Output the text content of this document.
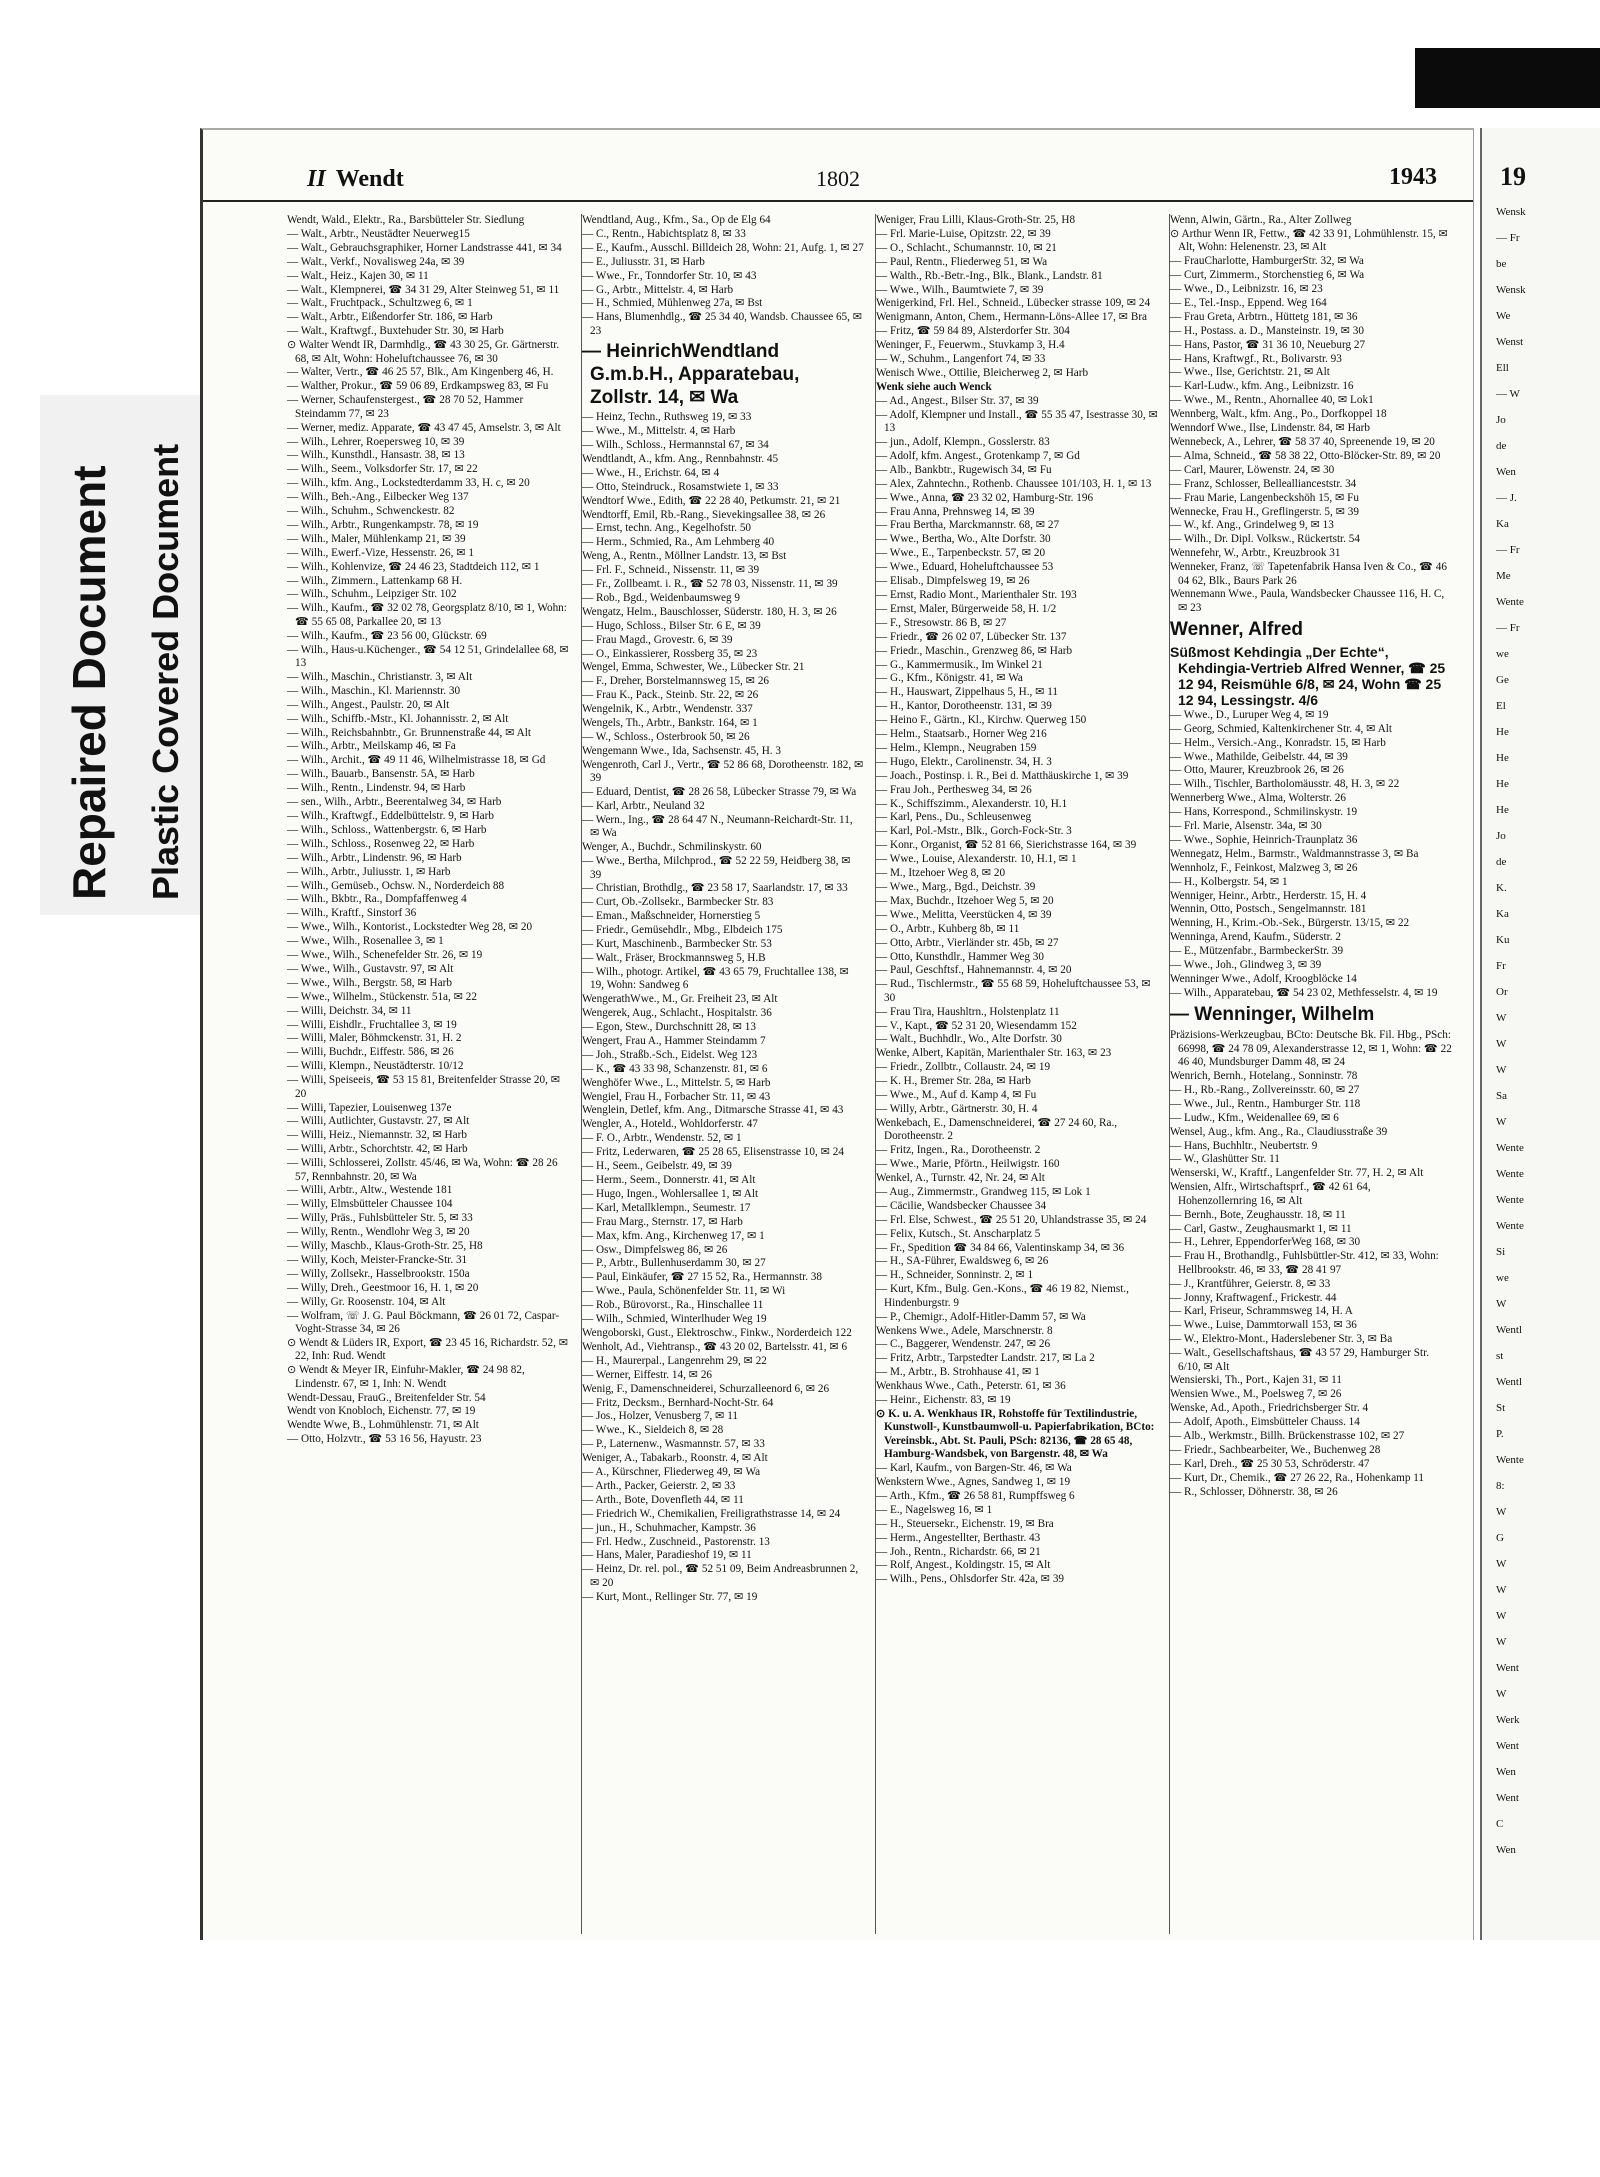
Repaired Document Plastic Covered Document
II Wendt	1802	1943
Wendt, Wald., Elektr., Ra., Barsbütteler Str. Siedlung
— Walt., Arbtr., Neustädter Neuerweg15
— Walt., Gebrauchsgraphiker, Horner Landstrasse 441, ✉ 34
— Walt., Verkf., Novalisweg 24a, ✉ 39
— Walt., Heiz., Kajen 30, ✉ 11
— Walt., Klempnerei, ☎ 34 31 29, Alter Steinweg 51, ✉ 11
— Walt., Fruchtpack., Schultzweg 6, ✉ 1
— Walt., Arbtr., Eißendorfer Str. 186, ✉ Harb
— Walt., Kraftwgf., Buxtehuder Str. 30, ✉ Harb
⊙ Walter Wendt IR, Darmhdlg., ☎ 43 30 25, Gr. Gärtnerstr. 68, ✉ Alt, Wohn: Hoheluftchaussee 76, ✉ 30
— Walter, Vertr., ☎ 46 25 57, Blk., Am Kingenberg 46, H.
— Walther, Prokur., ☎ 59 06 89, Erdkampsweg 83, ✉ Fu
— Werner, Schaufenstergest., ☎ 28 70 52, Hammer Steindamm 77, ✉ 23
— Werner, mediz. Apparate, ☎ 43 47 45, Amselstr. 3, ✉ Alt
— Wilh., Lehrer, Roepersweg 10, ✉ 39
— Wilh., Kunsthdl., Hansastr. 38, ✉ 13
— Wilh., Seem., Volksdorfer Str. 17, ✉ 22
— Wilh., kfm. Ang., Lockstedterdamm 33, H. c, ✉ 20
— Wilh., Beh.-Ang., Eilbecker Weg 137
— Wilh., Schuhm., Schwenckestr. 82
— Wilh., Arbtr., Rungenkampstr. 78, ✉ 19
— Wilh., Maler, Mühlenkamp 21, ✉ 39
— Wilh., Ewerf.-Vize, Hessenstr. 26, ✉ 1
— Wilh., Kohlenvize, ☎ 24 46 23, Stadtdeich 112, ✉ 1
— Wilh., Zimmern., Lattenkamp 68 H.
— Wilh., Schuhm., Leipziger Str. 102
— Wilh., Kaufm., ☎ 32 02 78, Georgsplatz 8/10, ✉ 1, Wohn: ☎ 55 65 08, Parkallee 20, ✉ 13
— Wilh., Kaufm., ☎ 23 56 00, Glückstr. 69
— Wilh., Haus-u.Küchenger., ☎ 54 12 51, Grindelallee 68, ✉ 13
— Wilh., Maschin., Christianstr. 3, ✉ Alt
— Wilh., Maschin., Kl. Mariennstr. 30
— Wilh., Angest., Paulstr. 20, ✉ Alt
— Wilh., Schiffb.-Mstr., Kl. Johannisstr. 2, ✉ Alt
— Wilh., Reichsbahnbtr., Gr. Brunnenstraße 44, ✉ Alt
— Wilh., Arbtr., Meilskamp 46, ✉ Fa
— Wilh., Archit., ☎ 49 11 46, Wilhelmistrasse 18, ✉ Gd
— Wilh., Bauarb., Bansenstr. 5A, ✉ Harb
— Wilh., Rentn., Lindenstr. 94, ✉ Harb
— sen., Wilh., Arbtr., Beerentalweg 34, ✉ Harb
— Wilh., Kraftwgf., Eddelbüttelstr. 9, ✉ Harb
— Wilh., Schloss., Wattenbergstr. 6, ✉ Harb
— Wilh., Schloss., Rosenweg 22, ✉ Harb
— Wilh., Arbtr., Lindenstr. 96, ✉ Harb
— Wilh., Arbtr., Juliusstr. 1, ✉ Harb
— Wilh., Gemüseb., Ochsw. N., Norderdeich 88
— Wilh., Bkbtr., Ra., Dompfaffenweg 4
— Wilh., Kraftf., Sinstorf 36
— Wwe., Wilh., Kontorist., Lockstedter Weg 28, ✉ 20
— Wwe., Wilh., Rosenallee 3, ✉ 1
— Wwe., Wilh., Schenefelder Str. 26, ✉ 19
— Wwe., Wilh., Gustavstr. 97, ✉ Alt
— Wwe., Wilh., Bergstr. 58, ✉ Harb
— Wwe., Wilhelm., Stückenstr. 51a, ✉ 22
— Willi, Deichstr. 34, ✉ 11
— Willi, Eishdlr., Fruchtallee 3, ✉ 19
— Willi, Maler, Böhmckenstr. 31, H. 2
— Willi, Buchdr., Eiffestr. 586, ✉ 26
— Willi, Klempn., Neustädterstr. 10/12
— Willi, Speiseeis, ☎ 53 15 81, Breitenfelder Strasse 20, ✉ 20
— Willi, Tapezier, Louisenweg 137e
— Willi, Autlichter, Gustavstr. 27, ✉ Alt
— Willi, Heiz., Niemannstr. 32, ✉ Harb
— Willi, Arbtr., Schorchtstr. 42, ✉ Harb
— Willi, Schlosserei, Zollstr. 45/46, ✉ Wa, Wohn: ☎ 28 26 57, Rennbahnstr. 20, ✉ Wa
— Willi, Arbtr., Altw., Westende 181
— Willy, Elmsbütteler Chaussee 104
— Willy, Präs., Fuhlsbütteler Str. 5, ✉ 33
— Willy, Rentn., Wendlohr Weg 3, ✉ 20
— Willy, Maschb., Klaus-Groth-Str. 25, H8
— Willy, Koch, Meister-Francke-Str. 31
— Willy, Zollsekr., Hasselbrookstr. 150a
— Willy, Dreh., Geestmoor 16, H. 1, ✉ 20
— Willy, Gr. Roosenstr. 104, ✉ Alt
— Wolfram, ☏ J. G. Paul Böckmann, ☎ 26 01 72, Caspar-Voght-Strasse 34, ✉ 26
⊙ Wendt & Lüders IR, Export, ☎ 23 45 16, Richardstr. 52, ✉ 22, Inh: Rud. Wendt
⊙ Wendt & Meyer IR, Einfuhr-Makler, ☎ 24 98 82, Lindenstr. 67, ✉ 1, Inh: N. Wendt
Wendt-Dessau, FrauG., Breitenfelder Str. 54
Wendt von Knobloch, Eichenstr. 77, ✉ 19
Wendte Wwe, B., Lohmühlenstr. 71, ✉ Alt
— Otto, Holzvtr., ☎ 53 16 56, Hayustr. 23
Wendtland, Aug., Kfm., Sa., Op de Elg 64
— C., Rentn., Habichtsplatz 8, ✉ 33
— E., Kaufm., Ausschl. Billdeich 28, Wohn: 21, Aufg. 1, ✉ 27
— E., Juliusstr. 31, ✉ Harb
— Wwe., Fr., Tonndorfer Str. 10, ✉ 43
— G., Arbtr., Mittelstr. 4, ✉ Harb
— H., Schmied, Mühlenweg 27a, ✉ Bst
— Hans, Blumenhdlg., ☎ 25 34 40, Wandsb. Chaussee 65, ✉ 23
— HeinrichWendtland G.m.b.H., Apparatebau, Zollstr. 14, ✉ Wa
— Heinz, Techn., Ruthsweg 19, ✉ 33
— Wwe., M., Mittelstr. 4, ✉ Harb
— Wilh., Schloss., Hermannstal 67, ✉ 34
Wendtlandt, A., kfm. Ang., Rennbahnstr. 45
— Wwe., H., Erichstr. 64, ✉ 4
— Otto, Steindruck., Rosamstwiete 1, ✉ 33
Wendtorf Wwe., Edith, ☎ 22 28 40, Petkumstr. 21, ✉ 21
Wendtorff, Emil, Rb.-Rang., Sievekingsallee 38, ✉ 26
— Ernst, techn. Ang., Kegelhofstr. 50
— Herm., Schmied, Ra., Am Lehmberg 40
Weng, A., Rentn., Möllner Landstr. 13, ✉ Bst
— Frl. F., Schneid., Nissenstr. 11, ✉ 39
— Fr., Zollbeamt. i. R., ☎ 52 78 03, Nissenstr. 11, ✉ 39
— Rob., Bgd., Weidenbaumsweg 9
Wengatz, Helm., Bauschlosser, Süderstr. 180, H. 3, ✉ 26
— Hugo, Schloss., Bilser Str. 6 E, ✉ 39
— Frau Magd., Grovestr. 6, ✉ 39
— O., Einkassierer, Rossberg 35, ✉ 23
Wengel, Emma, Schwester, We., Lübecker Str. 21
— F., Dreher, Borstelmannsweg 15, ✉ 26
— Frau K., Pack., Steinb. Str. 22, ✉ 26
Wengelnik, K., Arbtr., Wendenstr. 337
Wengels, Th., Arbtr., Bankstr. 164, ✉ 1
— W., Schloss., Osterbrook 50, ✉ 26
Wengemann Wwe., Ida, Sachsenstr. 45, H. 3
Wengenroth, Carl J., Vertr., ☎ 52 86 68, Dorotheenstr. 182, ✉ 39
— Eduard, Dentist, ☎ 28 26 58, Lübecker Strasse 79, ✉ Wa
— Karl, Arbtr., Neuland 32
— Wern., Ing., ☎ 28 64 47 N., Neumann-Reichardt-Str. 11, ✉ Wa
Wenger, A., Buchdr., Schmilinskystr. 60
— Wwe., Bertha, Milchprod., ☎ 52 22 59, Heidberg 38, ✉ 39
— Christian, Brothdlg., ☎ 23 58 17, Saarlandstr. 17, ✉ 33
— Curt, Ob.-Zollsekr., Barmbecker Str. 83
— Eman., Maßschneider, Hornerstieg 5
— Friedr., Gemüsehdlr., Mbg., Elbdeich 175
— Kurt, Maschinenb., Barmbecker Str. 53
— Walt., Fräser, Brockmannsweg 5, H.B
— Wilh., photogr. Artikel, ☎ 43 65 79, Fruchtallee 138, ✉ 19, Wohn: Sandweg 6
WengerathWwe., M., Gr. Freiheit 23, ✉ Alt
Wengerek, Aug., Schlacht., Hospitalstr. 36
— Egon, Stew., Durchschnitt 28, ✉ 13
Wengert, Frau A., Hammer Steindamm 7
— Joh., Straßb.-Sch., Eidelst. Weg 123
— K., ☎ 43 33 98, Schanzenstr. 81, ✉ 6
Wenghöfer Wwe., L., Mittelstr. 5, ✉ Harb
Wengiel, Frau H., Forbacher Str. 11, ✉ 43
Wenglein, Detlef, kfm. Ang., Ditmarsche Strasse 41, ✉ 43
Wengler, A., Hoteld., Wohldorferstr. 47
— F. O., Arbtr., Wendenstr. 52, ✉ 1
— Fritz, Lederwaren, ☎ 25 28 65, Elisenstrasse 10, ✉ 24
— H., Seem., Geibelstr. 49, ✉ 39
— Herm., Seem., Donnerstr. 41, ✉ Alt
— Hugo, Ingen., Wohlersallee 1, ✉ Alt
— Karl, Metallklempn., Seumestr. 17
— Frau Marg., Sternstr. 17, ✉ Harb
— Max, kfm. Ang., Kirchenweg 17, ✉ 1
— Osw., Dimpfelsweg 86, ✉ 26
— P., Arbtr., Bullenhuserdamm 30, ✉ 27
— Paul, Einkäufer, ☎ 27 15 52, Ra., Hermannstr. 38
— Wwe., Paula, Schönenfelder Str. 11, ✉ Wi
— Rob., Bürovorst., Ra., Hinschallee 11
— Wilh., Schmied, Winterlhuder Weg 19
Wengoborski, Gust., Elektroschw., Finkw., Norderdeich 122
Wenholt, Ad., Viehtransp., ☎ 43 20 02, Bartelsstr. 41, ✉ 6
— H., Maurerpal., Langenrehm 29, ✉ 22
— Werner, Eiffestr. 14, ✉ 26
Wenig, F., Damenschneiderei, Schurzalleenord 6, ✉ 26
— Fritz, Decksm., Bernhard-Nocht-Str. 64
— Jos., Holzer, Venusberg 7, ✉ 11
— Wwe., K., Sieldeich 8, ✉ 28
— P., Laternenw., Wasmannstr. 57, ✉ 33
Weniger, A., Tabakarb., Roonstr. 4, ✉ Alt
— A., Kürschner, Fliederweg 49, ✉ Wa
— Arth., Packer, Geierstr. 2, ✉ 33
— Arth., Bote, Dovenfleth 44, ✉ 11
— Friedrich W., Chemikalien, Freiligrathstrasse 14, ✉ 24
— jun., H., Schuhmacher, Kampstr. 36
— Frl. Hedw., Zuschneid., Pastorenstr. 13
— Hans, Maler, Paradieshof 19, ✉ 11
— Heinz, Dr. rel. pol., ☎ 52 51 09, Beim Andreasbrunnen 2, ✉ 20
— Kurt, Mont., Rellinger Str. 77, ✉ 19
Weniger, Frau Lilli, Klaus-Groth-Str. 25, H8
— Frl. Marie-Luise, Opitzstr. 22, ✉ 39
— O., Schlacht., Schumannstr. 10, ✉ 21
— Paul, Rentn., Fliederweg 51, ✉ Wa
— Walth., Rb.-Betr.-Ing., Blk., Blank., Landstr. 81
— Wwe., Wilh., Baumtwiete 7, ✉ 39
Wenigerkind, Frl. Hel., Schneid., Lübecker strasse 109, ✉ 24
Wenigmann, Anton, Chem., Hermann-Löns-Allee 17, ✉ Bra
— Fritz, ☎ 59 84 89, Alsterdorfer Str. 304
Weninger, F., Feuerwm., Stuvkamp 3, H.4
— W., Schuhm., Langenfort 74, ✉ 33
Wenisch Wwe., Ottilie, Bleicherweg 2, ✉ Harb
Wenk siehe auch Wenck
— Ad., Angest., Bilser Str. 37, ✉ 39
— Adolf, Klempner und Install., ☎ 55 35 47, Isestrasse 30, ✉ 13
— jun., Adolf, Klempn., Gosslerstr. 83
— Adolf, kfm. Angest., Grotenkamp 7, ✉ Gd
— Alb., Bankbtr., Rugewisch 34, ✉ Fu
— Alex, Zahntechn., Rothenb. Chaussee 101/103, H. 1, ✉ 13
— Wwe., Anna, ☎ 23 32 02, Hamburg-Str. 196
— Frau Anna, Prehnsweg 14, ✉ 39
— Frau Bertha, Marckmannstr. 68, ✉ 27
— Wwe., Bertha, Wo., Alte Dorfstr. 30
— Wwe., E., Tarpenbeckstr. 57, ✉ 20
— Wwe., Eduard, Hoheluftchaussee 53
— Elisab., Dimpfelsweg 19, ✉ 26
— Ernst, Radio Mont., Marienthaler Str. 193
— Ernst, Maler, Bürgerweide 58, H. 1/2
— F., Stresowstr. 86 B, ✉ 27
— Friedr., ☎ 26 02 07, Lübecker Str. 137
— Friedr., Maschin., Grenzweg 86, ✉ Harb
— G., Kammermusik., Im Winkel 21
— G., Kfm., Königstr. 41, ✉ Wa
— H., Hauswart, Zippelhaus 5, H., ✉ 11
— H., Kantor, Dorotheenstr. 131, ✉ 39
— Heino F., Gärtn., Kl., Kirchw. Querweg 150
— Helm., Staatsarb., Horner Weg 216
— Helm., Klempn., Neugraben 159
— Hugo, Elektr., Carolinenstr. 34, H. 3
— Joach., Postinsp. i. R., Bei d. Matthäuskirche 1, ✉ 39
— Frau Joh., Perthesweg 34, ✉ 26
— K., Schiffszimm., Alexanderstr. 10, H.1
— Karl, Pens., Du., Schleusenweg
— Karl, Pol.-Mstr., Blk., Gorch-Fock-Str. 3
— Konr., Organist, ☎ 52 81 66, Sierichstrasse 164, ✉ 39
— Wwe., Louise, Alexanderstr. 10, H.1, ✉ 1
— M., Itzehoer Weg 8, ✉ 20
— Wwe., Marg., Bgd., Deichstr. 39
— Max, Buchdr., Itzehoer Weg 5, ✉ 20
— Wwe., Melitta, Veerstücken 4, ✉ 39
— O., Arbtr., Kuhberg 8b, ✉ 11
— Otto, Arbtr., Vierländer str. 45b, ✉ 27
— Otto, Kunsthdlr., Hammer Weg 30
— Paul, Geschftsf., Hahnemannstr. 4, ✉ 20
— Rud., Tischlermstr., ☎ 55 68 59, Hoheluftchaussee 53, ✉ 30
— Frau Tira, Haushltrn., Holstenplatz 11
— V., Kapt., ☎ 52 31 20, Wiesendamm 152
— Walt., Buchhdlr., Wo., Alte Dorfstr. 30
Wenke, Albert, Kapitän, Marienthaler Str. 163, ✉ 23
— Friedr., Zollbtr., Collaustr. 24, ✉ 19
— K. H., Bremer Str. 28a, ✉ Harb
— Wwe., M., Auf d. Kamp 4, ✉ Fu
— Willy, Arbtr., Gärtnerstr. 30, H. 4
Wenkebach, E., Damenschneiderei, ☎ 27 24 60, Ra., Dorotheenstr. 2
— Fritz, Ingen., Ra., Dorotheenstr. 2
— Wwe., Marie, Pförtn., Heilwigstr. 160
Wenkel, A., Turnstr. 42, Nr. 24, ✉ Alt
— Aug., Zimmermstr., Grandweg 115, ✉ Lok 1
— Cäcilie, Wandsbecker Chaussee 34
— Frl. Else, Schwest., ☎ 25 51 20, Uhlandstrasse 35, ✉ 24
— Felix, Kutsch., St. Anscharplatz 5
— Fr., Spedition ☎ 34 84 66, Valentinskamp 34, ✉ 36
— H., SA-Führer, Ewaldsweg 6, ✉ 26
— H., Schneider, Sonninstr. 2, ✉ 1
— Kurt, Kfm., Bulg. Gen.-Kons., ☎ 46 19 82, Niemst., Hindenburgstr. 9
— P., Chemigr., Adolf-Hitler-Damm 57, ✉ Wa
Wenkens Wwe., Adele, Marschnerstr. 8
— C., Baggerer, Wendenstr. 247, ✉ 26
— Fritz, Arbtr., Tarpstedter Landstr. 217, ✉ La 2
— M., Arbtr., B. Strohhause 41, ✉ 1
Wenkhaus Wwe., Cath., Peterstr. 61, ✉ 36
— Heinr., Eichenstr. 83, ✉ 19
⊙ K. u. A. Wenkhaus IR, Rohstoffe für Textilindustrie, Kunstwoll-, Kunstbaumwoll-u. Papierfabrikation, BCto: Vereinsbk., Abt. St. Pauli, PSch: 82136, ☎ 28 65 48, Hamburg-Wandsbek, von Bargenstr. 48, ✉ Wa
— Karl, Kaufm., von Bargen-Str. 46, ✉ Wa
Wenkstern Wwe., Agnes, Sandweg 1, ✉ 19
— Arth., Kfm., ☎ 26 58 81, Rumpffsweg 6
— E., Nagelsweg 16, ✉ 1
— H., Steuersekr., Eichenstr. 19, ✉ Bra
— Herm., Angestellter, Berthastr. 43
— Joh., Rentn., Richardstr. 66, ✉ 21
— Rolf, Angest., Koldingstr. 15, ✉ Alt
— Wilh., Pens., Ohlsdorfer Str. 42a, ✉ 39
Wenn, Alwin, Gärtn., Ra., Alter Zollweg
⊙ Arthur Wenn IR, Fettw., ☎ 42 33 91, Lohmühlenstr. 15, ✉ Alt, Wohn: Helenenstr. 23, ✉ Alt
— FrauCharlotte, HamburgerStr. 32, ✉ Wa
— Curt, Zimmerm., Storchenstieg 6, ✉ Wa
— Wwe., D., Leibnizstr. 16, ✉ 23
— E., Tel.-Insp., Eppend. Weg 164
— Frau Greta, Arbtrn., Hüttetg 181, ✉ 36
— H., Postass. a. D., Mansteinstr. 19, ✉ 30
— Hans, Pastor, ☎ 31 36 10, Neueburg 27
— Hans, Kraftwgf., Rt., Bolivarstr. 93
— Wwe., Ilse, Gerichtstr. 21, ✉ Alt
— Karl-Ludw., kfm. Ang., Leibnizstr. 16
— Wwe., M., Rentn., Ahornallee 40, ✉ Lok1
Wennberg, Walt., kfm. Ang., Po., Dorfkoppel 18
Wenndorf Wwe., Ilse, Lindenstr. 84, ✉ Harb
Wennebeck, A., Lehrer, ☎ 58 37 40, Spreenende 19, ✉ 20
— Alma, Schneid., ☎ 58 38 22, Otto-Blöcker-Str. 89, ✉ 20
— Carl, Maurer, Löwenstr. 24, ✉ 30
— Franz, Schlosser, Belleallianceststr. 34
— Frau Marie, Langenbeckshöh 15, ✉ Fu
Wennecke, Frau H., Greflingerstr. 5, ✉ 39
— W., kf. Ang., Grindelweg 9, ✉ 13
— Wilh., Dr. Dipl. Volksw., Rückertstr. 54
Wennefehr, W., Arbtr., Kreuzbrook 31
Wenneker, Franz, ☏ Tapetenfabrik Hansa Iven & Co., ☎ 46 04 62, Blk., Baurs Park 26
Wennemann Wwe., Paula, Wandsbecker Chaussee 116, H. C, ✉ 23
Wenner, Alfred
Süßmost Kehdingia „Der Echte“, Kehdingia-Vertrieb Alfred Wenner, ☎ 25 12 94, Reismühle 6/8, ✉ 24, Wohn ☎ 25 12 94, Lessingstr. 4/6
— Wwe., D., Luruper Weg 4, ✉ 19
— Georg, Schmied, Kaltenkirchener Str. 4, ✉ Alt
— Helm., Versich.-Ang., Konradstr. 15, ✉ Harb
— Wwe., Mathilde, Geibelstr. 44, ✉ 39
— Otto, Maurer, Kreuzbrook 26, ✉ 26
— Wilh., Tischler, Bartholomäusstr. 48, H. 3, ✉ 22
Wennerberg Wwe., Alma, Wolterstr. 26
— Hans, Korrespond., Schmilinskystr. 19
— Frl. Marie, Alsenstr. 34a, ✉ 30
— Wwe., Sophie, Heinrich-Traunplatz 36
Wennegatz, Helm., Barmstr., Waldmannstrasse 3, ✉ Ba
Wennholz, F., Feinkost, Malzweg 3, ✉ 26
— H., Kolbergstr. 54, ✉ 1
Wenniger, Heinr., Arbtr., Herderstr. 15, H. 4
Wennin, Otto, Postsch., Sengelmannstr. 181
Wenning, H., Krim.-Ob.-Sek., Bürgerstr. 13/15, ✉ 22
Wenninga, Arend, Kaufm., Süderstr. 2
— E., Mützenfabr., BarmbeckerStr. 39
— Wwe., Joh., Glindweg 3, ✉ 39
Wenninger Wwe., Adolf, Kroogblöcke 14
— Wilh., Apparatebau, ☎ 54 23 02, Methfesselstr. 4, ✉ 19
— Wenninger, Wilhelm
Präzisions-Werkzeugbau, BCto: Deutsche Bk. Fil. Hbg., PSch: 66998, ☎ 24 78 09, Alexanderstrasse 12, ✉ 1, Wohn: ☎ 22 46 40, Mundsburger Damm 48, ✉ 24
Wenrich, Bernh., Hotelang., Sonninstr. 78
— H., Rb.-Rang., Zollvereinsstr. 60, ✉ 27
— Wwe., Jul., Rentn., Hamburger Str. 118
— Ludw., Kfm., Weidenallee 69, ✉ 6
Wensel, Aug., kfm. Ang., Ra., Claudiusstraße 39
— Hans, Buchhltr., Neubertstr. 9
— W., Glashütter Str. 11
Wenserski, W., Kraftf., Langenfelder Str. 77, H. 2, ✉ Alt
Wensien, Alfr., Wirtschaftsprf., ☎ 42 61 64, Hohenzollernring 16, ✉ Alt
— Bernh., Bote, Zeughausstr. 18, ✉ 11
— Carl, Gastw., Zeughausmarkt 1, ✉ 11
— H., Lehrer, EppendorferWeg 168, ✉ 30
— Frau H., Brothandlg., Fuhlsbüttler-Str. 412, ✉ 33, Wohn: Hellbrookstr. 46, ✉ 33, ☎ 28 41 97
— J., Krantführer, Geierstr. 8, ✉ 33
— Jonny, Kraftwagenf., Frickestr. 44
— Karl, Friseur, Schrammsweg 14, H. A
— Wwe., Luise, Dammtorwall 153, ✉ 36
— W., Elektro-Mont., Haderslebener Str. 3, ✉ Ba
— Walt., Gesellschaftshaus, ☎ 43 57 29, Hamburger Str. 6/10, ✉ Alt
Wensierski, Th., Port., Kajen 31, ✉ 11
Wensien Wwe., M., Poelsweg 7, ✉ 26
Wenske, Ad., Apoth., Friedrichsberger Str. 4
— Adolf, Apoth., Eimsbütteler Chauss. 14
— Alb., Werkmstr., Billh. Brückenstrasse 102, ✉ 27
— Friedr., Sachbearbeiter, We., Buchenweg 28
— Karl, Dreh., ☎ 25 30 53, Schröderstr. 47
— Kurt, Dr., Chemik., ☎ 27 26 22, Ra., Hohenkamp 11
— R., Schlosser, Döhnerstr. 38, ✉ 26
19
Wensk
— Fr
be
Wensk
We
Wenst
Ell
— W
Jo
de
Wen
— J.
Ka
— Fr
Me
Wente
— Fr
we
Ge
El
He
He
He
He
Jo
de
K.
Ka
Ku
Fr
Or
W
W
W
Sa
W
Wente
Wente
Wente
Wente
Si
we
W
Wentl
st
Wentl
St
P.
Wente
8:
W
G
W
W
W
W
Went
W
Werk
Went
Wen
Went
C
Wen
